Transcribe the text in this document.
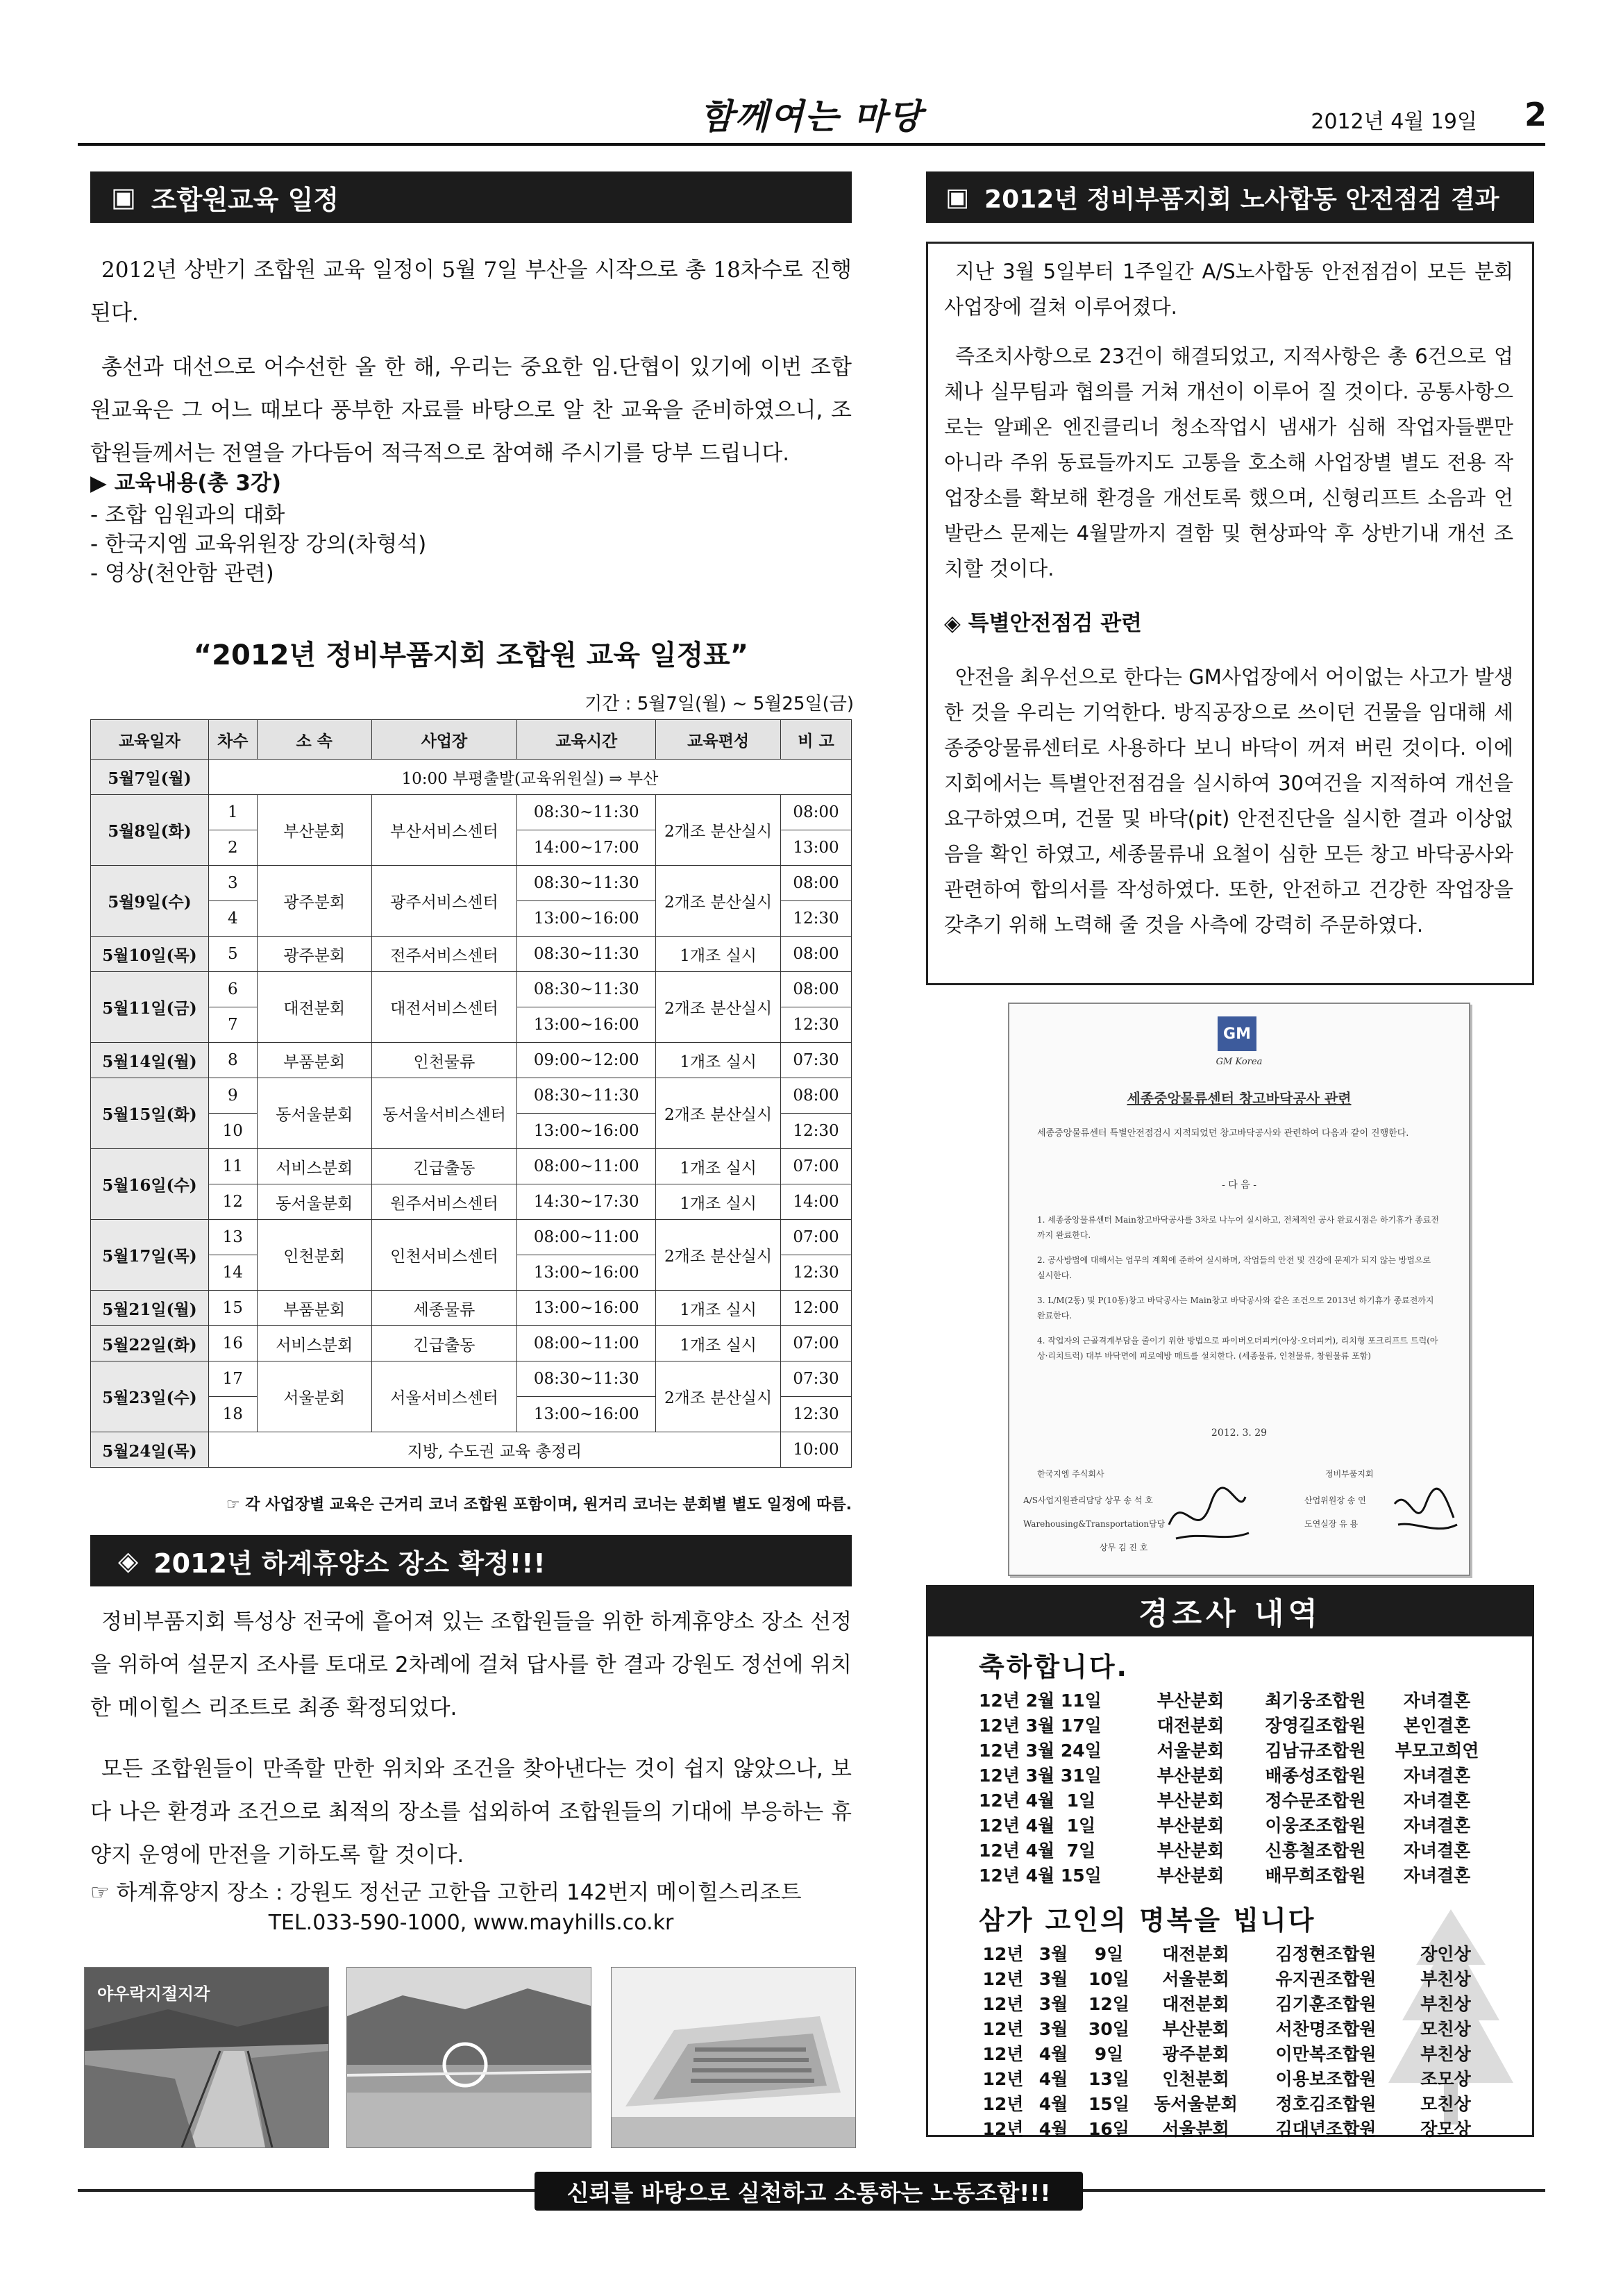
함께여는 마당	2012년 4월 19일 2
▣ 조합원교육 일정

2012년 상반기 조합원 교육 일정이 5월 7일 부산을 시작으로 총 18차수로 진행된다.

총선과 대선으로 어수선한 올 한 해, 우리는 중요한 임.단협이 있기에 이번 조합원교육은 그 어느 때보다 풍부한 자료를 바탕으로 알 찬 교육을 준비하였으니, 조합원들께서는 전열을 가다듬어 적극적으로 참여해 주시기를 당부 드립니다.

▶ 교육내용(총 3강)
- 조합 임원과의 대화
- 한국지엠 교육위원장 강의(차형석)
- 영상(천안함 관련)
“2012년 정비부품지회 조합원 교육 일정표”
기간 : 5월7일(월) ~ 5월25일(금)
교육일자	차수	소 속	사업장	교육시간	교육편성	비 고
5월7일(월)	10:00 부평출발(교육위원실) ⇒ 부산					
5월8일(화)	1	부산분회	부산서비스센터	08:30~11:30	2개조 분산실시	08:00
	2			14:00~17:00		13:00
5월9일(수)	3	광주분회	광주서비스센터	08:30~11:30	2개조 분산실시	08:00
	4			13:00~16:00		12:30
5월10일(목)	5	광주분회	전주서비스센터	08:30~11:30	1개조 실시	08:00
5월11일(금)	6	대전분회	대전서비스센터	08:30~11:30	2개조 분산실시	08:00
	7			13:00~16:00		12:30
5월14일(월)	8	부품분회	인천물류	09:00~12:00	1개조 실시	07:30
5월15일(화)	9	동서울분회	동서울서비스센터	08:30~11:30	2개조 분산실시	08:00
	10			13:00~16:00		12:30
5월16일(수)	11	서비스분회	긴급출동	08:00~11:00	1개조 실시	07:00
	12	동서울분회	원주서비스센터	14:30~17:30	1개조 실시	14:00
5월17일(목)	13	인천분회	인천서비스센터	08:00~11:00	2개조 분산실시	07:00
	14			13:00~16:00		12:30
5월21일(월)	15	부품분회	세종물류	13:00~16:00	1개조 실시	12:00
5월22일(화)	16	서비스분회	긴급출동	08:00~11:00	1개조 실시	07:00
5월23일(수)	17	서울분회	서울서비스센터	08:30~11:30	2개조 분산실시	07:30
	18			13:00~16:00		12:30
5월24일(목)	지방, 수도권 교육 총정리					10:00
☞ 각 사업장별 교육은 근거리 코너 조합원 포함이며, 원거리 코너는 분회별 별도 일정에 따름.
◈ 2012년 하계휴양소 장소 확정!!!

정비부품지회 특성상 전국에 흩어져 있는 조합원들을 위한 하계휴양소 장소 선정을 위하여 설문지 조사를 토대로 2차례에 걸쳐 답사를 한 결과 강원도 정선에 위치한 메이힐스 리조트로 최종 확정되었다.

모든 조합원들이 만족할 만한 위치와 조건을 찾아낸다는 것이 쉽지 않았으나, 보다 나은 환경과 조건으로 최적의 장소를 섭외하여 조합원들의 기대에 부응하는 휴양지 운영에 만전을 기하도록 할 것이다.

☞ 하계휴양지 장소 : 강원도 정선군 고한읍 고한리 142번지 메이힐스리조트
TEL.033-590-1000, www.mayhills.co.kr
야우락지절지각
▣ 2012년 정비부품지회 노사합동 안전점검 결과

지난 3월 5일부터 1주일간 A/S노사합동 안전점검이 모든 분회 사업장에 걸쳐 이루어졌다.

즉조치사항으로 23건이 해결되었고, 지적사항은 총 6건으로 업체나 실무팀과 협의를 거쳐 개선이 이루어 질 것이다. 공통사항으로는 알페온 엔진클리너 청소작업시 냄새가 심해 작업자들뿐만 아니라 주위 동료들까지도 고통을 호소해 사업장별 별도 전용 작업장소를 확보해 환경을 개선토록 했으며, 신형리프트 소음과 언발란스 문제는 4월말까지 결함 및 현상파악 후 상반기내 개선 조치할 것이다.

◈ 특별안전점검 관련

안전을 최우선으로 한다는 GM사업장에서 어이없는 사고가 발생한 것을 우리는 기억한다. 방직공장으로 쓰이던 건물을 임대해 세종중앙물류센터로 사용하다 보니 바닥이 꺼져 버린 것이다. 이에 지회에서는 특별안전점검을 실시하여 30여건을 지적하여 개선을 요구하였으며, 건물 및 바닥(pit) 안전진단을 실시한 결과 이상없음을 확인 하였고, 세종물류내 요철이 심한 모든 창고 바닥공사와 관련하여 합의서를 작성하였다. 또한, 안전하고 건강한 작업장을 갖추기 위해 노력해 줄 것을 사측에 강력히 주문하였다.

GM
GM Korea
세종중앙물류센터 창고바닥공사 관련
세종중앙물류센터 특별안전점검시 지적되었던 창고바닥공사와 관련하여 다음과 같이 진행한다.
- 다 음 -
1. 세종중앙물류센터 Main창고바닥공사를 3차로 나누어 실시하고, 전체적인 공사 완료시점은 하기휴가 종료전까지 완료한다.
2. 공사방법에 대해서는 업무의 계획에 준하여 실시하며, 작업들의 안전 및 건강에 문제가 되지 않는 방법으로 실시한다.
3. L/M(2동) 및 P(10동)창고 바닥공사는 Main창고 바닥공사와 같은 조건으로 2013년 하기휴가 종료전까지 완료한다.
4. 작업자의 근골격계부담을 줄이기 위한 방법으로 파이버오더피커(아상·오더피커), 리치형 포크리프트 트럭(아상·리치트럭) 대부 바닥면에 피로예방 매트를 설치한다. (세종물류, 인천물류, 창원물류 포함)
2012. 3. 29
한국지엠 주식회사	정비부품지회
A/S사업지원관리담당 상무 송 석 호
Warehousing&Transportation담당
상무 김 진 호
산업위원장 송 연
도연실장 유 용
경조사 내역
축하합니다.
12년 2월 11일	부산분회	최기웅조합원	자녀결혼
12년 3월 17일	대전분회	장영길조합원	본인결혼
12년 3월 24일	서울분회	김남규조합원	부모고희연
12년 3월 31일	부산분회	배종성조합원	자녀결혼
12년 4월  1일	부산분회	정수문조합원	자녀결혼
12년 4월  1일	부산분회	이웅조조합원	자녀결혼
12년 4월  7일	부산분회	신흥철조합원	자녀결혼
12년 4월 15일	부산분회	배무희조합원	자녀결혼
삼가 고인의 명복을 빕니다
12년 3월	9일	대전분회	김정현조합원	장인상
12년 3월	10일	서울분회	유지권조합원	부친상
12년 3월	12일	대전분회	김기훈조합원	부친상
12년 3월	30일	부산분회	서찬명조합원	모친상
12년 4월	9일	광주분회	이만복조합원	부친상
12년 4월	13일	인천분회	이용보조합원	조모상
12년 4월	15일	동서울분회	정호김조합원	모친상
12년 4월	16일	서울분회	김대년조합원	장모상
신뢰를 바탕으로 실천하고 소통하는 노동조합!!!
